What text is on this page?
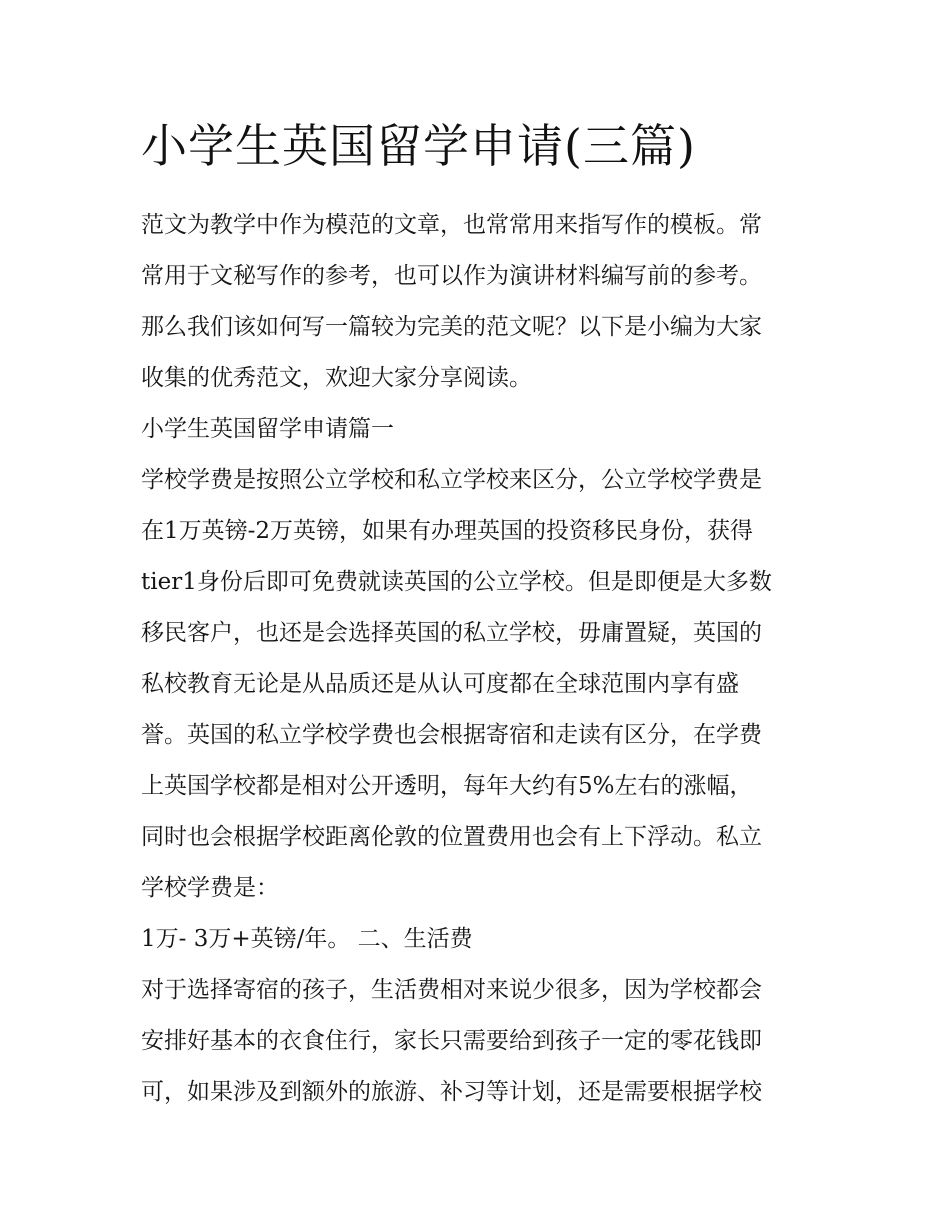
小学生英国留学申请(三篇)
范文为教学中作为模范的文章，也常常用来指写作的模板。常
常用于文秘写作的参考，也可以作为演讲材料编写前的参考。
那么我们该如何写一篇较为完美的范文呢？以下是小编为大家
收集的优秀范文，欢迎大家分享阅读。
小学生英国留学申请篇一
学校学费是按照公立学校和私立学校来区分，公立学校学费是
在1万英镑-2万英镑，如果有办理英国的投资移民身份，获得
tier1身份后即可免费就读英国的公立学校。但是即便是大多数
移民客户，也还是会选择英国的私立学校，毋庸置疑，英国的
私校教育无论是从品质还是从认可度都在全球范围内享有盛
誉。英国的私立学校学费也会根据寄宿和走读有区分，在学费
上英国学校都是相对公开透明，每年大约有5%左右的涨幅，
同时也会根据学校距离伦敦的位置费用也会有上下浮动。私立
学校学费是：
1万- 3万+英镑/年。 二、生活费
对于选择寄宿的孩子，生活费相对来说少很多，因为学校都会
安排好基本的衣食住行，家长只需要给到孩子一定的零花钱即
可，如果涉及到额外的旅游、补习等计划，还是需要根据学校
